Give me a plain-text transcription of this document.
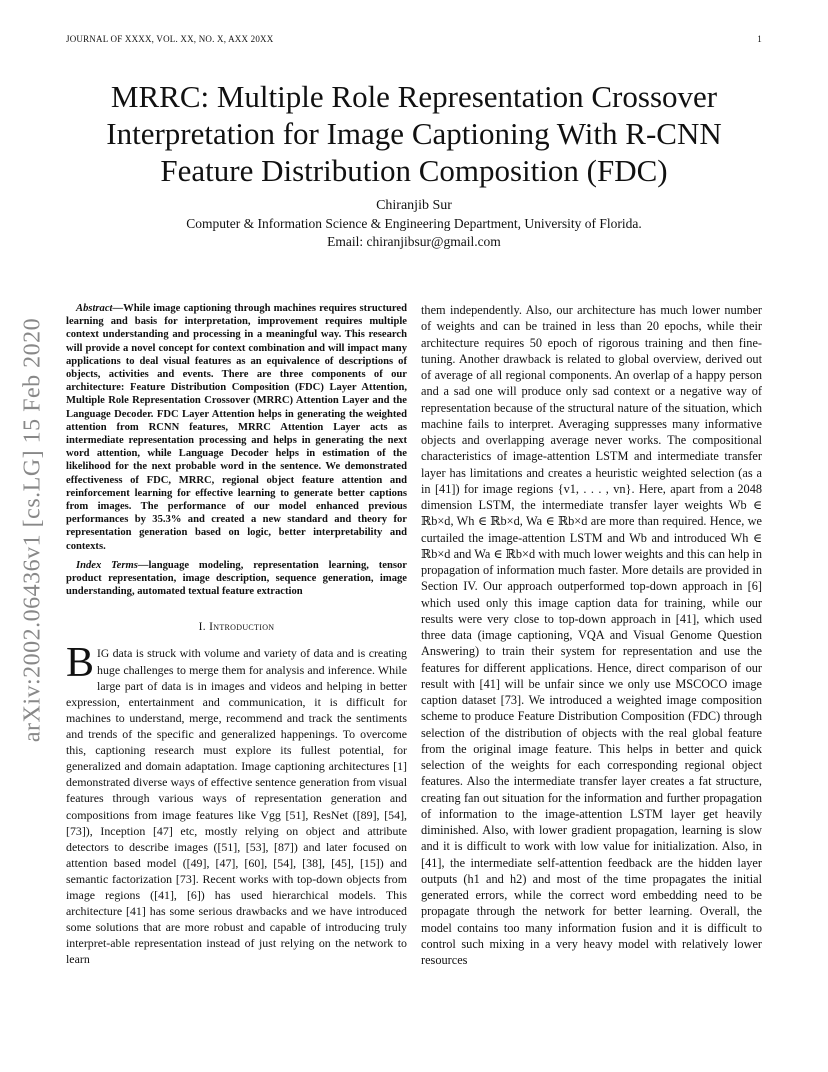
JOURNAL OF XXXX, VOL. XX, NO. X, AXX 20XX	1
MRRC: Multiple Role Representation Crossover
Interpretation for Image Captioning With R-CNN
Feature Distribution Composition (FDC)
Chiranjib Sur
Computer & Information Science & Engineering Department, University of Florida.
Email: chiranjibsur@gmail.com
arXiv:2002.06436v1 [cs.LG] 15 Feb 2020

Abstract—While image captioning through machines requires structured learning and basis for interpretation, improvement requires multiple context understanding and processing in a meaningful way. This research will provide a novel concept for context combination and will impact many applications to deal visual features as an equivalence of descriptions of objects, activities and events. There are three components of our architecture: Feature Distribution Composition (FDC) Layer Attention, Multiple Role Representation Crossover (MRRC) Attention Layer and the Language Decoder. FDC Layer Attention helps in generating the weighted attention from RCNN features, MRRC Attention Layer acts as intermediate representation processing and helps in generating the next word attention, while Language Decoder helps in estimation of the likelihood for the next probable word in the sentence. We demonstrated effectiveness of FDC, MRRC, regional object feature attention and reinforcement learning for effective learning to generate better captions from images. The performance of our model enhanced previous performances by 35.3% and created a new standard and theory for representation generation based on logic, better interpretability and contexts.

Index Terms—language modeling, representation learning, tensor product representation, image description, sequence generation, image understanding, automated textual feature extraction
I. Introduction
BIG data is struck with volume and variety of data and is creating huge challenges to merge them for analysis and inference. While large part of data is in images and videos and helping in better expression, entertainment and communication, it is difficult for machines to understand, merge, recommend and track the sentiments and trends of the specific and generalized happenings. To overcome this, captioning research must explore its fullest potential, for generalized and domain adaptation. Image captioning architectures [1] demonstrated diverse ways of effective sentence generation from visual features through various ways of representation generation and compositions from image features like Vgg [51], ResNet ([89], [54], [73]), Inception [47] etc, mostly relying on object and attribute detectors to describe images ([51], [53], [87]) and later focused on attention based model ([49], [47], [60], [54], [38], [45], [15]) and semantic factorization [73]. Recent works with top-down objects from image regions ([41], [6]) has used hierarchical models. This architecture [41] has some serious drawbacks and we have introduced some solutions that are more robust and capable of introducing truly interpret-able representation instead of just relying on the network to learn

them independently. Also, our architecture has much lower number of weights and can be trained in less than 20 epochs, while their architecture requires 50 epoch of rigorous training and then fine-tuning. Another drawback is related to global overview, derived out of average of all regional components. An overlap of a happy person and a sad one will produce only sad context or a negative way of representation because of the structural nature of the situation, which machine fails to interpret. Averaging suppresses many informative objects and overlapping average never works. The compositional characteristics of image-attention LSTM and intermediate transfer layer has limitations and creates a heuristic weighted selection (as a in [41]) for image regions {v1, . . . , vn}. Here, apart from a 2048 dimension LSTM, the intermediate transfer layer weights Wb ∈ ℝb×d, Wh ∈ ℝb×d, Wa ∈ ℝb×d are more than required. Hence, we curtailed the image-attention LSTM and Wb and introduced Wh ∈ ℝb×d and Wa ∈ ℝb×d with much lower weights and this can help in propagation of information much faster. More details are provided in Section IV. Our approach outperformed top-down approach in [6] which used only this image caption data for training, while our results were very close to top-down approach in [41], which used three data (image captioning, VQA and Visual Genome Question Answering) to train their system for representation and use the features for different applications. Hence, direct comparison of our result with [41] will be unfair since we only use MSCOCO image caption dataset [73]. We introduced a weighted image composition scheme to produce Feature Distribution Composition (FDC) through selection of the distribution of objects with the real global feature from the original image feature. This helps in better and quick selection of the weights for each corresponding regional object features. Also the intermediate transfer layer creates a fat structure, creating fan out situation for the information and further propagation of information to the image-attention LSTM layer get heavily diminished. Also, with lower gradient propagation, learning is slow and it is difficult to work with low value for initialization. Also, in [41], the intermediate self-attention feedback are the hidden layer outputs (h1 and h2) and most of the time propagates the initial generated errors, while the correct word embedding need to be propagate through the network for better learning. Overall, the model contains too many information fusion and it is difficult to control such mixing in a very heavy model with relatively lower resources
